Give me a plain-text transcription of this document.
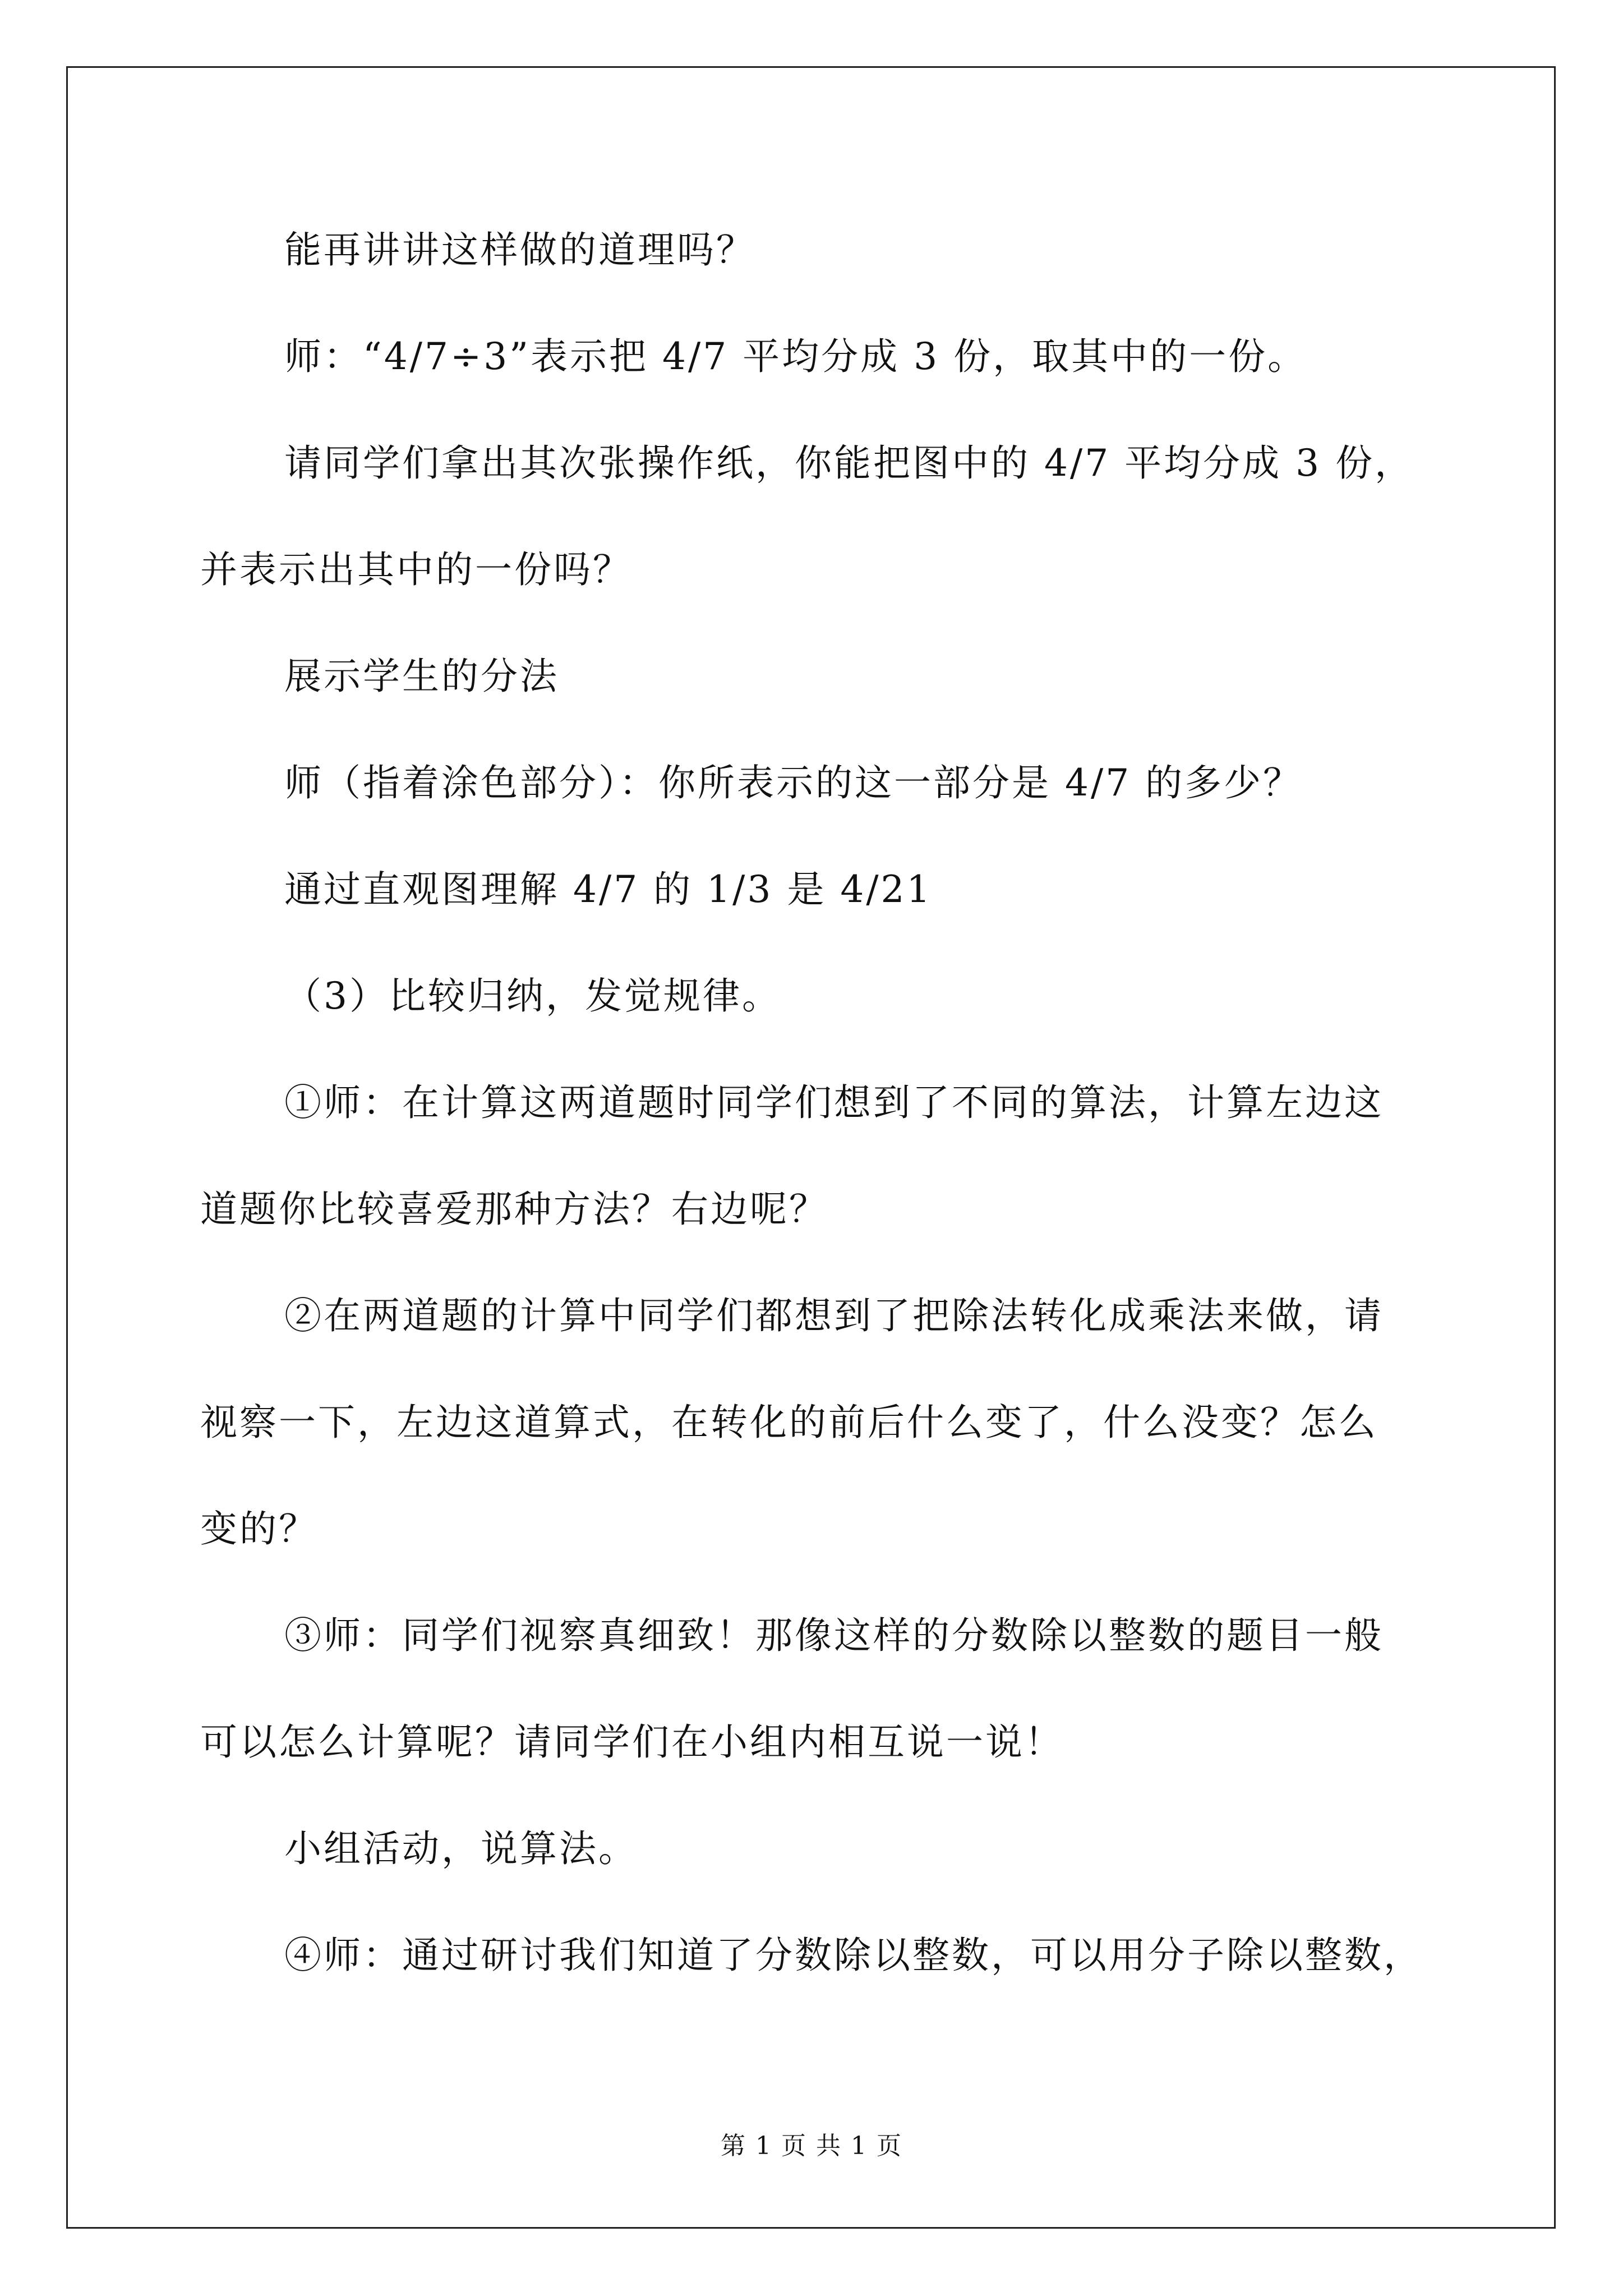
能再讲讲这样做的道理吗？
师：“4/7÷3”表示把 4/7 平均分成 3 份，取其中的一份。
请同学们拿出其次张操作纸，你能把图中的 4/7 平均分成 3 份，
并表示出其中的一份吗？
展示学生的分法
师（指着涂色部分）：你所表示的这一部分是 4/7 的多少？
通过直观图理解 4/7 的 1/3 是 4/21
（3）比较归纳，发觉规律。
①师：在计算这两道题时同学们想到了不同的算法，计算左边这
道题你比较喜爱那种方法？右边呢？
②在两道题的计算中同学们都想到了把除法转化成乘法来做，请
视察一下，左边这道算式，在转化的前后什么变了，什么没变？怎么
变的？
③师：同学们视察真细致！那像这样的分数除以整数的题目一般
可以怎么计算呢？请同学们在小组内相互说一说！
小组活动，说算法。
④师：通过研讨我们知道了分数除以整数，可以用分子除以整数，
第 1 页 共 1 页
